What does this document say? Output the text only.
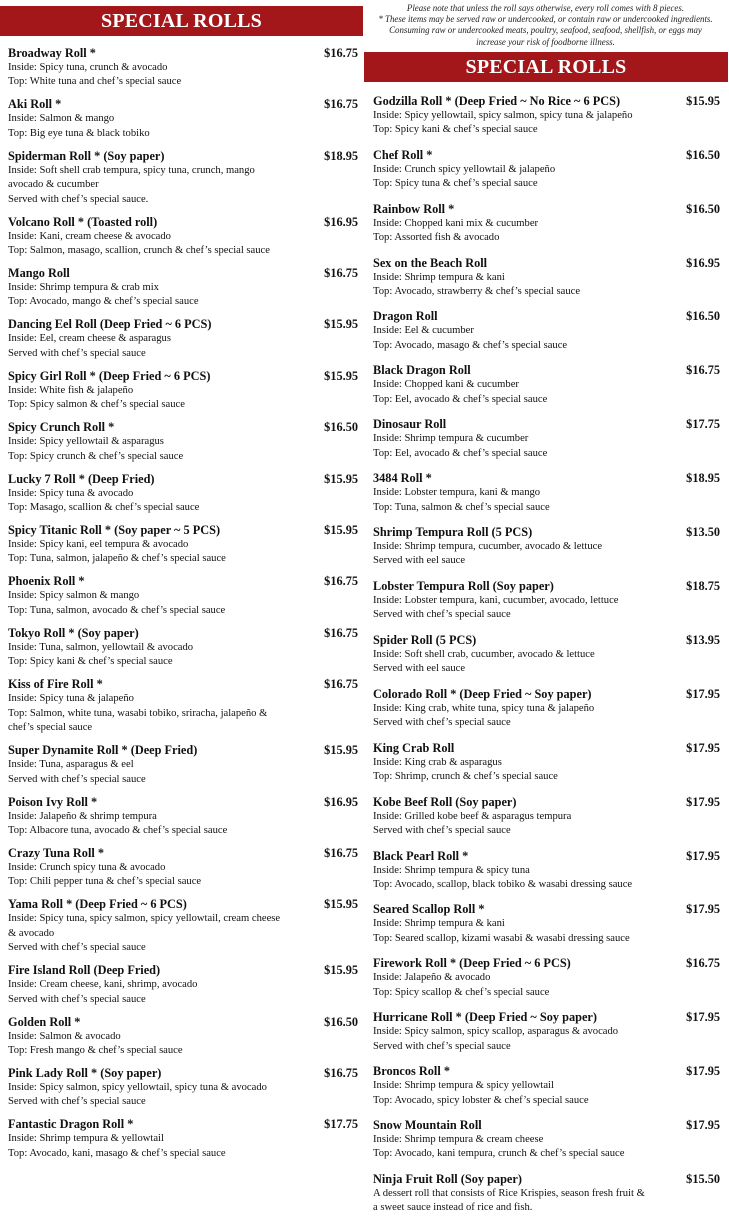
SPECIAL ROLLS
Broadway Roll *	$16.75
Inside: Spicy tuna, crunch & avocado
Top: White tuna and chef’s special sauce
Aki Roll *	$16.75
Inside: Salmon & mango
Top: Big eye tuna & black tobiko
Spiderman Roll * (Soy paper)	$18.95
Inside: Soft shell crab tempura, spicy tuna, crunch, mango avocado & cucumber
Served with chef’s special sauce.
Volcano Roll * (Toasted roll)	$16.95
Inside: Kani, cream cheese & avocado
Top: Salmon, masago, scallion, crunch & chef’s special sauce
Mango Roll	$16.75
Inside: Shrimp tempura & crab mix
Top: Avocado, mango & chef’s special sauce
Dancing Eel Roll (Deep Fried ~ 6 PCS)	$15.95
Inside: Eel, cream cheese & asparagus
Served with chef’s special sauce
Spicy Girl Roll * (Deep Fried ~ 6 PCS)	$15.95
Inside: White fish & jalapeño
Top: Spicy salmon & chef’s special sauce
Spicy Crunch Roll *	$16.50
Inside: Spicy yellowtail & asparagus
Top: Spicy crunch & chef’s special sauce
Lucky 7 Roll * (Deep Fried)	$15.95
Inside: Spicy tuna & avocado
Top: Masago, scallion & chef’s special sauce
Spicy Titanic Roll * (Soy paper ~ 5 PCS)	$15.95
Inside: Spicy kani, eel tempura & avocado
Top: Tuna, salmon, jalapeño & chef’s special sauce
Phoenix Roll *	$16.75
Inside: Spicy salmon & mango
Top: Tuna, salmon, avocado & chef’s special sauce
Tokyo Roll * (Soy paper)	$16.75
Inside: Tuna, salmon, yellowtail & avocado
Top: Spicy kani & chef’s special sauce
Kiss of Fire Roll *	$16.75
Inside: Spicy tuna & jalapeño
Top: Salmon, white tuna, wasabi tobiko, sriracha, jalapeño & chef’s special sauce
Super Dynamite Roll * (Deep Fried)	$15.95
Inside: Tuna, asparagus & eel
Served with chef’s special sauce
Poison Ivy Roll *	$16.95
Inside: Jalapeño & shrimp tempura
Top: Albacore tuna, avocado & chef’s special sauce
Crazy Tuna Roll *	$16.75
Inside: Crunch spicy tuna & avocado
Top: Chili pepper tuna & chef’s special sauce
Yama Roll * (Deep Fried ~ 6 PCS)	$15.95
Inside: Spicy tuna, spicy salmon, spicy yellowtail, cream cheese & avocado
Served with chef’s special sauce
Fire Island Roll (Deep Fried)	$15.95
Inside: Cream cheese, kani, shrimp, avocado
Served with chef’s special sauce
Golden Roll *	$16.50
Inside: Salmon & avocado
Top: Fresh mango & chef’s special sauce
Pink Lady Roll * (Soy paper)	$16.75
Inside: Spicy salmon, spicy yellowtail, spicy tuna & avocado
Served with chef’s special sauce
Fantastic Dragon Roll *	$17.75
Inside: Shrimp tempura & yellowtail
Top: Avocado, kani, masago & chef’s special sauce
Please note that unless the roll says otherwise, every roll comes with 8 pieces.
* These items may be served raw or undercooked, or contain raw or undercooked ingredients.
Consuming raw or undercooked meats, poultry, seafood, seafood, shellfish, or eggs may increase your risk of foodborne illness.
SPECIAL ROLLS
Godzilla Roll * (Deep Fried ~ No Rice ~ 6 PCS)	$15.95
Inside: Spicy yellowtail, spicy salmon, spicy tuna & jalapeño
Top: Spicy kani & chef’s special sauce
Chef Roll *	$16.50
Inside: Crunch spicy yellowtail & jalapeño
Top: Spicy tuna & chef’s special sauce
Rainbow Roll *	$16.50
Inside: Chopped kani mix & cucumber
Top: Assorted fish & avocado
Sex on the Beach Roll	$16.95
Inside: Shrimp tempura & kani
Top: Avocado, strawberry & chef’s special sauce
Dragon Roll	$16.50
Inside: Eel & cucumber
Top: Avocado, masago & chef’s special sauce
Black Dragon Roll	$16.75
Inside: Chopped kani & cucumber
Top: Eel, avocado & chef’s special sauce
Dinosaur Roll	$17.75
Inside: Shrimp tempura & cucumber
Top: Eel, avocado & chef’s special sauce
3484 Roll *	$18.95
Inside: Lobster tempura, kani & mango
Top: Tuna, salmon & chef’s special sauce
Shrimp Tempura Roll (5 PCS)	$13.50
Inside: Shrimp tempura, cucumber, avocado & lettuce
Served with eel sauce
Lobster Tempura Roll (Soy paper)	$18.75
Inside: Lobster tempura, kani, cucumber, avocado, lettuce
Served with chef’s special sauce
Spider Roll (5 PCS)	$13.95
Inside: Soft shell crab, cucumber, avocado & lettuce
Served with eel sauce
Colorado Roll * (Deep Fried ~ Soy paper)	$17.95
Inside: King crab, white tuna, spicy tuna & jalapeño
Served with chef’s special sauce
King Crab Roll	$17.95
Inside: King crab & asparagus
Top: Shrimp, crunch & chef’s special sauce
Kobe Beef Roll (Soy paper)	$17.95
Inside: Grilled kobe beef & asparagus tempura
Served with chef’s special sauce
Black Pearl Roll *	$17.95
Inside: Shrimp tempura & spicy tuna
Top: Avocado, scallop, black tobiko & wasabi dressing sauce
Seared Scallop Roll *	$17.95
Inside: Shrimp tempura & kani
Top: Seared scallop, kizami wasabi & wasabi dressing sauce
Firework Roll * (Deep Fried ~ 6 PCS)	$16.75
Inside: Jalapeño & avocado
Top: Spicy scallop & chef’s special sauce
Hurricane Roll * (Deep Fried ~ Soy paper)	$17.95
Inside: Spicy salmon, spicy scallop, asparagus & avocado
Served with chef’s special sauce
Broncos Roll *	$17.95
Inside: Shrimp tempura & spicy yellowtail
Top: Avocado, spicy lobster & chef’s special sauce
Snow Mountain Roll	$17.95
Inside: Shrimp tempura & cream cheese
Top: Avocado, kani tempura, crunch & chef’s special sauce
Ninja Fruit Roll (Soy paper)	$15.50
A dessert roll that consists of Rice Krispies, season fresh fruit & a sweet sauce instead of rice and fish.
